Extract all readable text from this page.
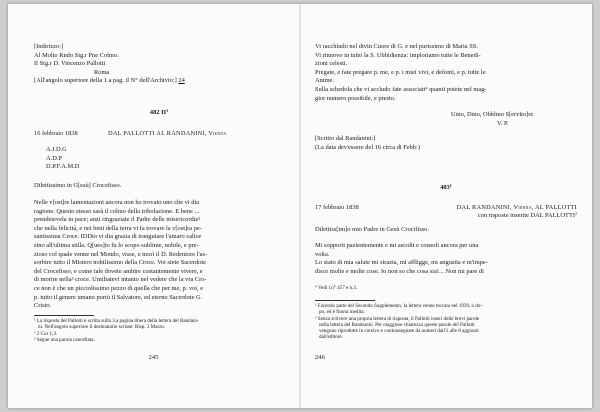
[Indirizzo:]
Al Molto Rndo Sig.r Pne Colmo.
Il Sig.r D. Vincenzo Pallotti
Roma
[All'angolo superiore della 1.a pag. il N° dell'Archivio:] 24
482 $II^1$
16 febbraio 1838	DAL PALLOTTI AL RANDANINI, Vienna
A.I.D.G
A.D.P
D.P.F.A.M.D
Dilettissimo in G[esù] Crocefisso.
Nelle v[ost]re lamentazioni ancora non ho trovato uno che vi dia
ragione. Questo stesso sarà il colmo della tribolazione. E bene ...
prendetevela in pace; anzi ringraziate il Padre delle misericordie²
che nella felicità, e nei beni della terra vi fa trovare la v[ost]ra pe-
santissima Croce. IDDio vi dia grazia di tranguiare l'amaro calice
sino all'ultima stilla. Q[ues]to fu lo scopo sublime, nobile, e pre-
zioso col quale venne nel Mondo, visse, e morì il D. Redentore l'as-
sorbire tutto il Mistero nobilissimo della Croce. Voi siete Sacerdote
del Crocefisso, e come tale dovete ambire costantemente vivere, e
di morire nella³ croce. Umiliatevi intanto nel vedere che la vra Cro-
ce non è che un picciolissimo pezzo di quella che per me, p. voi, e
p. tutto il genere umano portò il Salvatore, ed eterno Sacerdote G.
Cristo.
¹ La risposta del Pallotti è scritta sulla 3.a pagina libera della lettera del Randani-
ni. Nell'angolo superiore il destinatario scrisse: Risp. 2 Marzo.
² 2 Cor 1,3.
³ Segue una parola cancellata.
245
Vi racchiudo nel divin Cuore di G. e nel purissimo di Maria SS.
Vi rinnovo in tutto la S. Ubbidienza: imploriamo tutte le Benedi-
zioni celesti.
Pregate, e fate pregare p. me, e p. i miei vivi, e defonti, e p. tutte le
Anime.
Sulla schedola che vi accludo fate associati⁴ quanti potete nel mag-
gior numero possibile, e presto.
Umo, Dmo, Obblmo S[ervito]re
V. P.
[Scritto dal Randanini:]
(La data dev'essere del 16 circa di Febb:)
$483^1$
17 febbraio 1838	DAL RANDANINI, Vienna, AL PALLOTTI
con risposte inserite DAL PALLOTTI$^2$
Dilettiss[im]o mio Padre in Gesù Crocifisso.
Mi sopporti pazientemente e mi ascolti e consoli ancora per una
volta.
Lo stato di mia salute mi strazia, mi affligge, mi angustia e m'impe-
disce molte e molte cose. Io non so che cosa sia!... Non mi pare di
⁴ Vedi l.n° 457 e n.3.
¹ Facendo parte del Secondo Supplemento, la lettera venne trovata nel 1939, o do-
po, ed è finora inedita.
² Senza scrivere una propria lettera di risposta, il Pallotti inserì delle brevi parole
nella lettera del Randanini. Per maggiore chiarezza queste parole del Pallotti
vengono riprodotte in corsivo e contrassegnate da numeri dall'1 alle 8 aggiunti
dall'editore.
246
